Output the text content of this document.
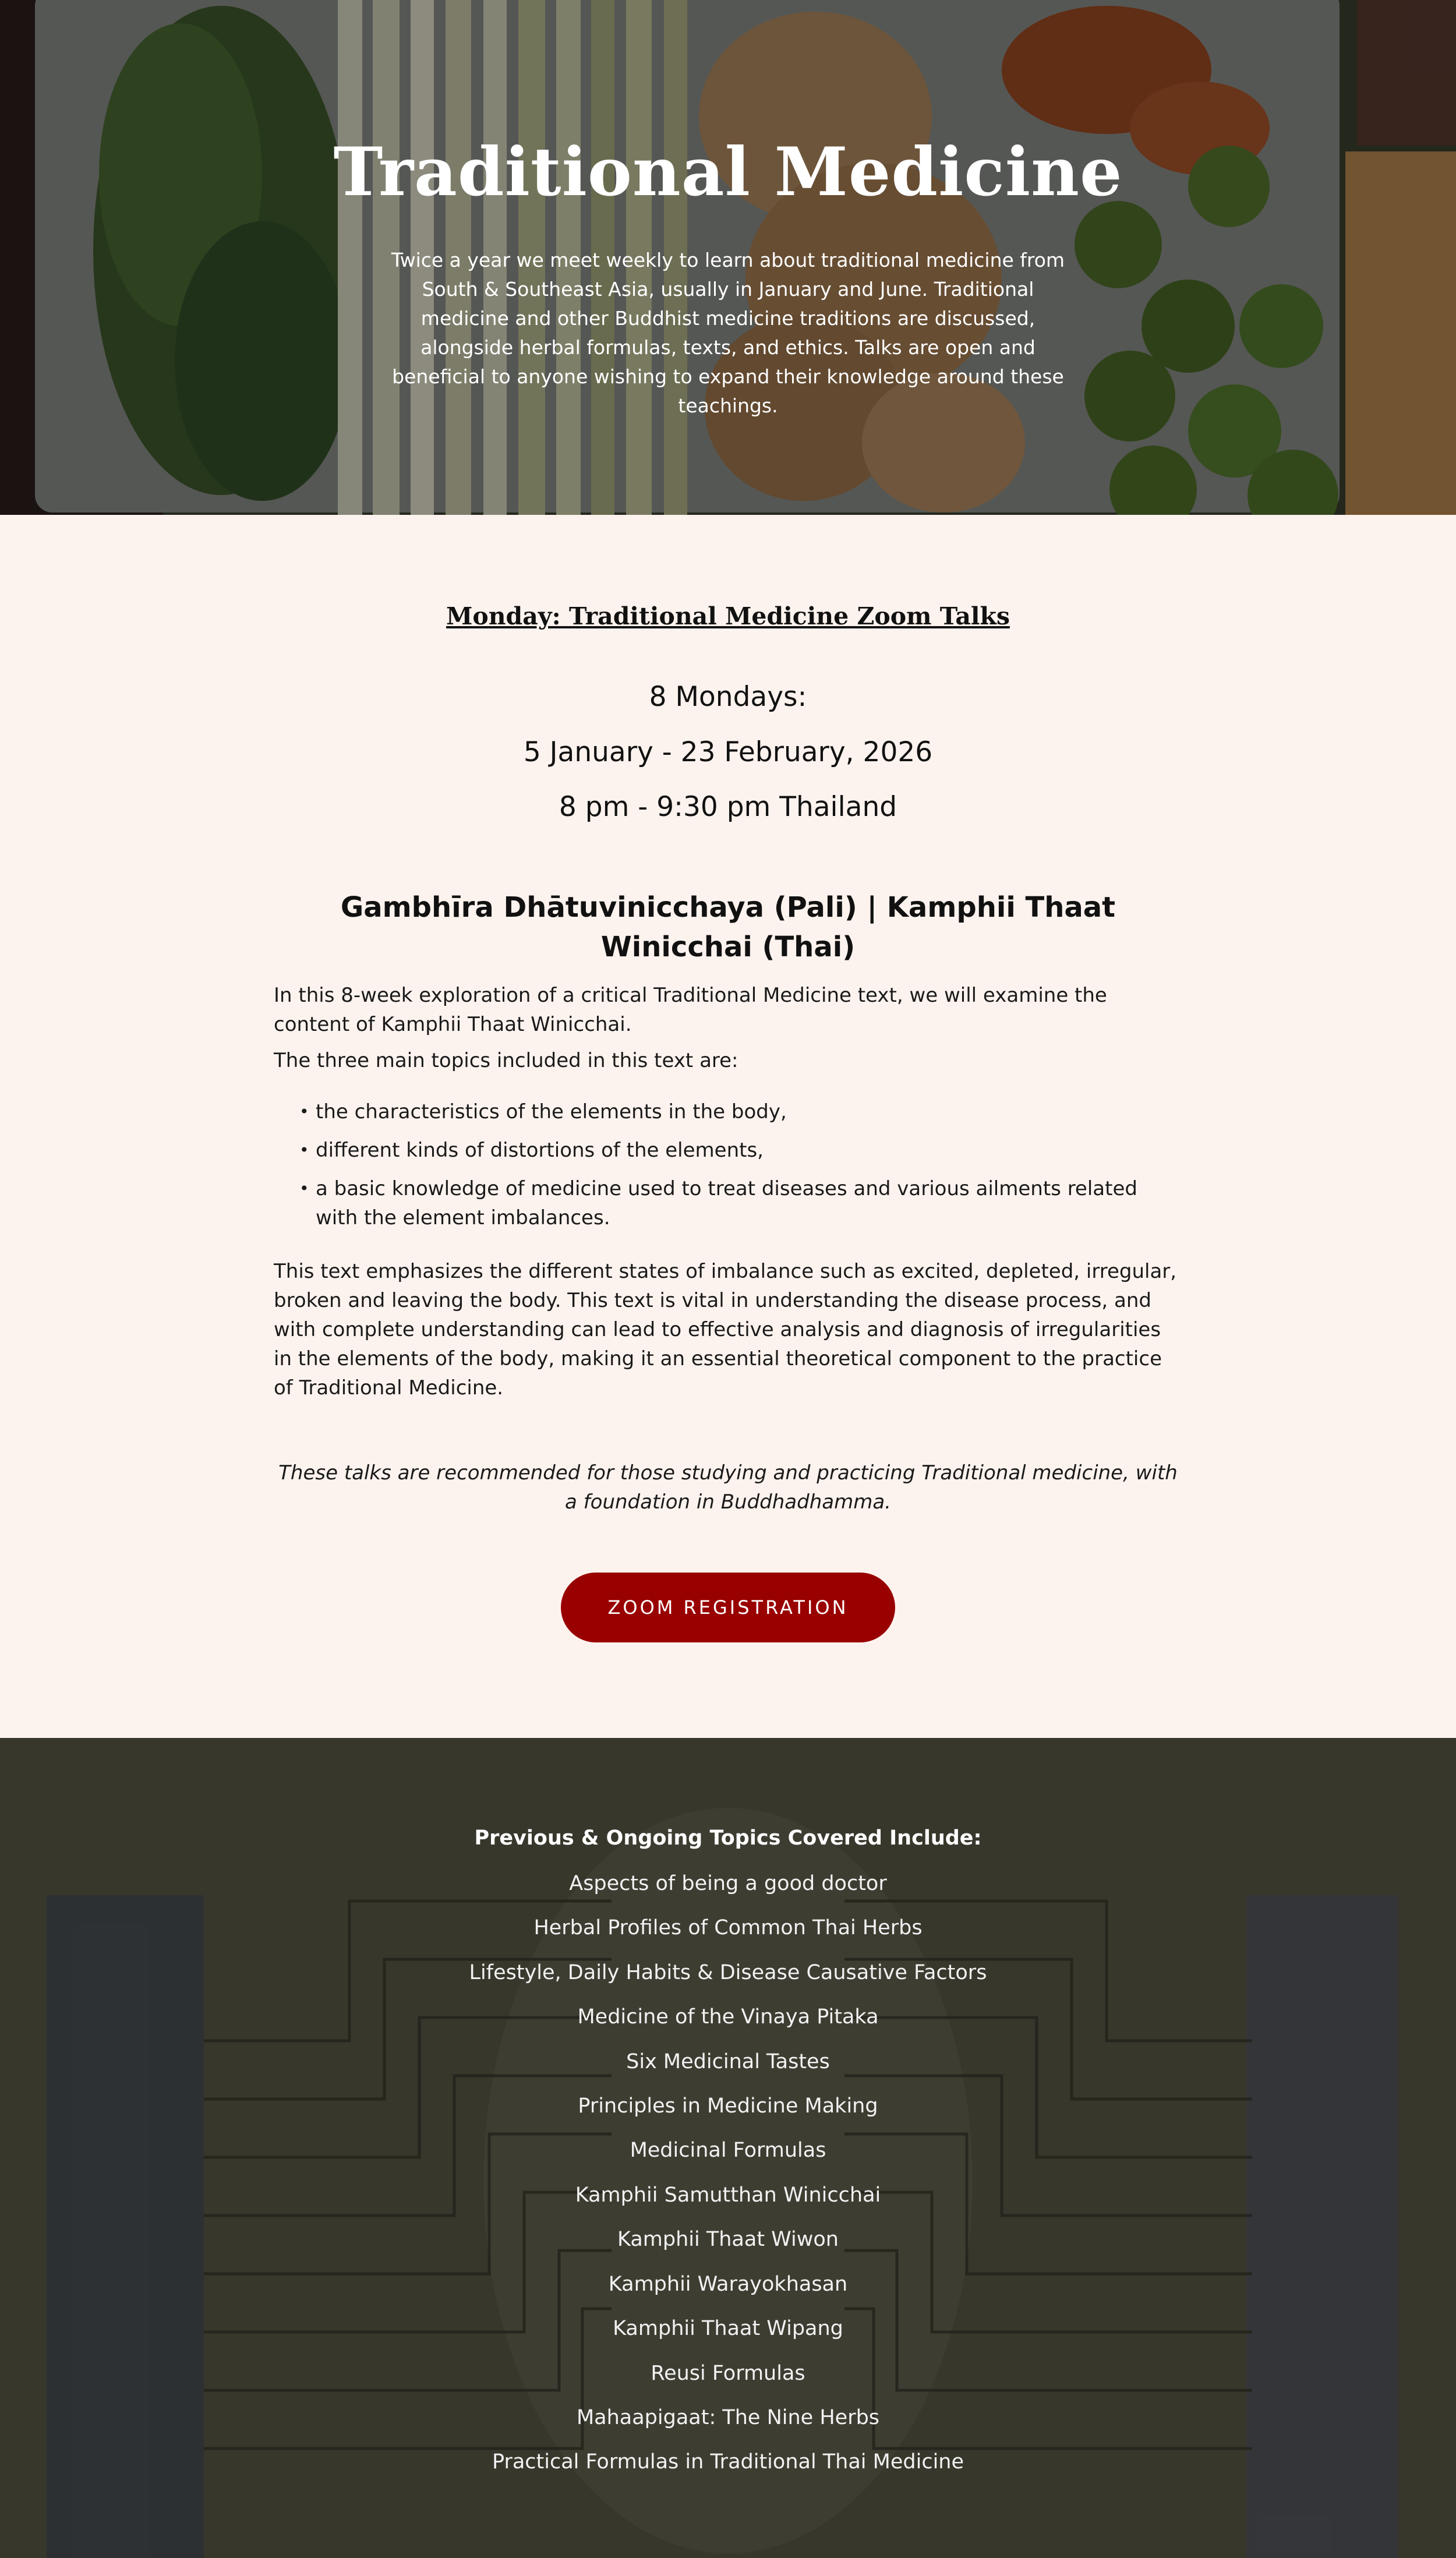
Traditional Medicine

Twice a year we meet weekly to learn about traditional medicine from South & Southeast Asia, usually in January and June. Traditional medicine and other Buddhist medicine traditions are discussed, alongside herbal formulas, texts, and ethics. Talks are open and beneficial to anyone wishing to expand their knowledge around these teachings.

Monday: Traditional Medicine Zoom Talks
8 Mondays:
5 January - 23 February, 2026
8 pm - 9:30 pm Thailand
Gambhīra Dhātuvinicchaya (Pali) | Kamphii Thaat Winicchai (Thai)
In this 8-week exploration of a critical Traditional Medicine text, we will examine the content of Kamphii Thaat Winicchai.
The three main topics included in this text are:
• the characteristics of the elements in the body,
• different kinds of distortions of the elements,
• a basic knowledge of medicine used to treat diseases and various ailments related with the element imbalances.
This text emphasizes the different states of imbalance such as excited, depleted, irregular, broken and leaving the body. This text is vital in understanding the disease process, and with complete understanding can lead to effective analysis and diagnosis of irregularities in the elements of the body, making it an essential theoretical component to the practice of Traditional Medicine.
These talks are recommended for those studying and practicing Traditional medicine, with a foundation in Buddhadhamma.
ZOOM REGISTRATION
Previous & Ongoing Topics Covered Include:
Aspects of being a good doctor
Herbal Profiles of Common Thai Herbs
Lifestyle, Daily Habits & Disease Causative Factors
Medicine of the Vinaya Pitaka
Six Medicinal Tastes
Principles in Medicine Making
Medicinal Formulas
Kamphii Samutthan Winicchai
Kamphii Thaat Wiwon
Kamphii Warayokhasan
Kamphii Thaat Wipang
Reusi Formulas
Mahaapigaat: The Nine Herbs
Practical Formulas in Traditional Thai Medicine
